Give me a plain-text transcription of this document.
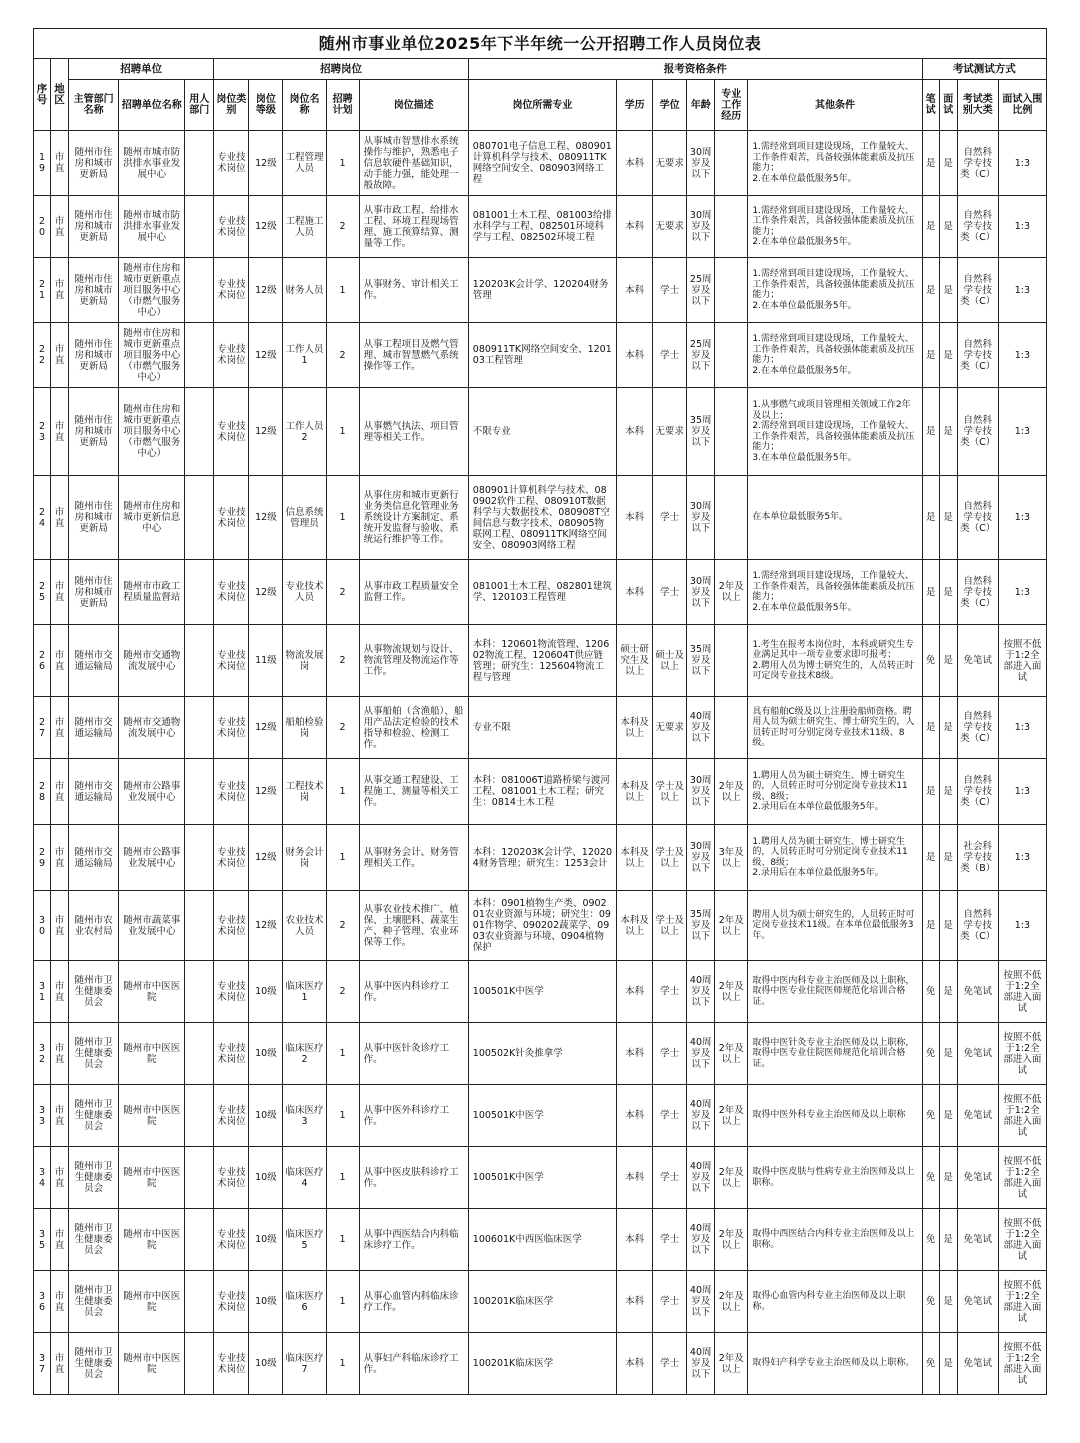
随州市事业单位2025年下半年统一公开招聘工作人员岗位表																			
序号	地区	招聘单位			招聘岗位					报考资格条件						考试测试方式			
		主管部门名称	招聘单位名称	用人部门	岗位类别	岗位等级	岗位名称	招聘计划	岗位描述	岗位所需专业	学历	学位	年龄	专业工作经历	其他条件	笔试	面试	考试类别大类	面试入围比例
19	市直	随州市住房和城市更新局	随州市城市防洪排水事业发展中心		专业技术岗位	12级	工程管理人员	1	从事城市智慧排水系统操作与维护，熟悉电子信息软硬件基础知识，动手能力强，能处理一般故障。	080701电子信息工程、080901计算机科学与技术、080911TK网络空间安全、080903网络工程	本科	无要求	30周岁及以下		1.需经常到项目建设现场，工作量较大、工作条件艰苦，具备较强体能素质及抗压能力；
2.在本单位最低服务5年。	是	是	自然科学专技类（C）	1:3
20	市直	随州市住房和城市更新局	随州市城市防洪排水事业发展中心		专业技术岗位	12级	工程施工人员	2	从事市政工程、给排水工程、环境工程现场管理、施工预算结算、测量等工作。	081001土木工程、081003给排水科学与工程、082501环境科学与工程、082502环境工程	本科	无要求	30周岁及以下		1.需经常到项目建设现场，工作量较大、工作条件艰苦，具备较强体能素质及抗压能力；
2.在本单位最低服务5年。	是	是	自然科学专技类（C）	1:3
21	市直	随州市住房和城市更新局	随州市住房和城市更新重点项目服务中心（市燃气服务中心）		专业技术岗位	12级	财务人员	1	从事财务、审计相关工作。	120203K会计学、120204财务管理	本科	学士	25周岁及以下		1.需经常到项目建设现场，工作量较大、工作条件艰苦，具备较强体能素质及抗压能力；
2.在本单位最低服务5年。	是	是	自然科学专技类（C）	1:3
22	市直	随州市住房和城市更新局	随州市住房和城市更新重点项目服务中心（市燃气服务中心）		专业技术岗位	12级	工作人员1	2	从事工程项目及燃气管理、城市智慧燃气系统操作等工作。	080911TK网络空间安全、120103工程管理	本科	学士	25周岁及以下		1.需经常到项目建设现场，工作量较大、工作条件艰苦，具备较强体能素质及抗压能力；
2.在本单位最低服务5年。	是	是	自然科学专技类（C）	1:3
23	市直	随州市住房和城市更新局	随州市住房和城市更新重点项目服务中心（市燃气服务中心）		专业技术岗位	12级	工作人员2	1	从事燃气执法、项目管理等相关工作。	不限专业	本科	无要求	35周岁及以下		1.从事燃气或项目管理相关领域工作2年及以上；
2.需经常到项目建设现场，工作量较大、工作条件艰苦，具备较强体能素质及抗压能力；
3.在本单位最低服务5年。	是	是	自然科学专技类（C）	1:3
24	市直	随州市住房和城市更新局	随州市住房和城市更新信息中心		专业技术岗位	12级	信息系统管理员	1	从事住房和城市更新行业务类信息化管理业务系统设计方案制定、系统开发监督与验收、系统运行维护等工作。	080901计算机科学与技术、080902软件工程、080910T数据科学与大数据技术、080908T空间信息与数字技术、080905物联网工程、080911TK网络空间安全、080903网络工程	本科	学士	30周岁及以下		在本单位最低服务5年。	是	是	自然科学专技类（C）	1:3
25	市直	随州市住房和城市更新局	随州市市政工程质量监督站		专业技术岗位	12级	专业技术人员	2	从事市政工程质量安全监督工作。	081001土木工程、082801建筑学、120103工程管理	本科	学士	30周岁及以下	2年及以上	1.需经常到项目建设现场，工作量较大、工作条件艰苦，具备较强体能素质及抗压能力；
2.在本单位最低服务5年。	是	是	自然科学专技类（C）	1:3
26	市直	随州市交通运输局	随州市交通物流发展中心		专业技术岗位	11级	物流发展岗	2	从事物流规划与设计、物流管理及物流运作等工作。	本科：120601物流管理、120602物流工程、120604T供应链管理；研究生：125604物流工程与管理	硕士研究生及以上	硕士及以上	35周岁及以下		1.考生在报考本岗位时，本科或研究生专业满足其中一项专业要求即可报考；
2.聘用人员为博士研究生的，人员转正时可定岗专业技术8级。	免	是	免笔试	按照不低于1:2全部进入面试
27	市直	随州市交通运输局	随州市交通物流发展中心		专业技术岗位	12级	船舶检验岗	2	从事船舶（含渔船）、船用产品法定检验的技术指导和检验、检测工作。	专业不限	本科及以上	无要求	40周岁及以下		具有船舶C级及以上注册验船师资格。聘用人员为硕士研究生、博士研究生的，人员转正时可分别定岗专业技术11级、8级。	是	是	自然科学专技类（C）	1:3
28	市直	随州市交通运输局	随州市公路事业发展中心		专业技术岗位	12级	工程技术岗	1	从事交通工程建设、工程施工、测量等相关工作。	本科：081006T道路桥梁与渡河工程、081001土木工程；研究生：0814土木工程	本科及以上	学士及以上	30周岁及以下	2年及以上	1.聘用人员为硕士研究生、博士研究生的，人员转正时可分别定岗专业技术11级、8级；
2.录用后在本单位最低服务5年。	是	是	自然科学专技类（C）	1:3
29	市直	随州市交通运输局	随州市公路事业发展中心		专业技术岗位	12级	财务会计岗	1	从事财务会计、财务管理相关工作。	本科：120203K会计学、120204财务管理；研究生：1253会计	本科及以上	学士及以上	30周岁及以下	3年及以上	1.聘用人员为硕士研究生、博士研究生的，人员转正时可分别定岗专业技术11级、8级；
2.录用后在本单位最低服务5年。	是	是	社会科学专技类（B）	1:3
30	市直	随州市农业农村局	随州市蔬菜事业发展中心		专业技术岗位	12级	农业技术人员	2	从事农业技术推广、植保、土壤肥料、蔬菜生产、种子管理、农业环保等工作。	本科：0901植物生产类、090201农业资源与环境；研究生：0901作物学、090202蔬菜学、0903农业资源与环境、0904植物保护	本科及以上	学士及以上	35周岁及以下	2年及以上	聘用人员为硕士研究生的，人员转正时可定岗专业技术11级。在本单位最低服务3年。	是	是	自然科学专技类（C）	1:3
31	市直	随州市卫生健康委员会	随州市中医医院		专业技术岗位	10级	临床医疗1	2	从事中医内科诊疗工作。	100501K中医学	本科	学士	40周岁及以下	2年及以上	取得中医内科专业主治医师及以上职称，取得中医专业住院医师规范化培训合格证。	免	是	免笔试	按照不低于1:2全部进入面试
32	市直	随州市卫生健康委员会	随州市中医医院		专业技术岗位	10级	临床医疗2	1	从事中医针灸诊疗工作。	100502K针灸推拿学	本科	学士	40周岁及以下	2年及以上	取得中医针灸专业主治医师及以上职称，取得中医专业住院医师规范化培训合格证。	免	是	免笔试	按照不低于1:2全部进入面试
33	市直	随州市卫生健康委员会	随州市中医医院		专业技术岗位	10级	临床医疗3	1	从事中医外科诊疗工作。	100501K中医学	本科	学士	40周岁及以下	2年及以上	取得中医外科专业主治医师及以上职称	免	是	免笔试	按照不低于1:2全部进入面试
34	市直	随州市卫生健康委员会	随州市中医医院		专业技术岗位	10级	临床医疗4	1	从事中医皮肤科诊疗工作。	100501K中医学	本科	学士	40周岁及以下	2年及以上	取得中医皮肤与性病专业主治医师及以上职称。	免	是	免笔试	按照不低于1:2全部进入面试
35	市直	随州市卫生健康委员会	随州市中医医院		专业技术岗位	10级	临床医疗5	1	从事中西医结合内科临床诊疗工作。	100601K中西医临床医学	本科	学士	40周岁及以下	2年及以上	取得中西医结合内科专业主治医师及以上职称。	免	是	免笔试	按照不低于1:2全部进入面试
36	市直	随州市卫生健康委员会	随州市中医医院		专业技术岗位	10级	临床医疗6	1	从事心血管内科临床诊疗工作。	100201K临床医学	本科	学士	40周岁及以下	2年及以上	取得心血管内科专业主治医师及以上职称。	免	是	免笔试	按照不低于1:2全部进入面试
37	市直	随州市卫生健康委员会	随州市中医医院		专业技术岗位	10级	临床医疗7	1	从事妇产科临床诊疗工作。	100201K临床医学	本科	学士	40周岁及以下	2年及以上	取得妇产科学专业主治医师及以上职称。	免	是	免笔试	按照不低于1:2全部进入面试
